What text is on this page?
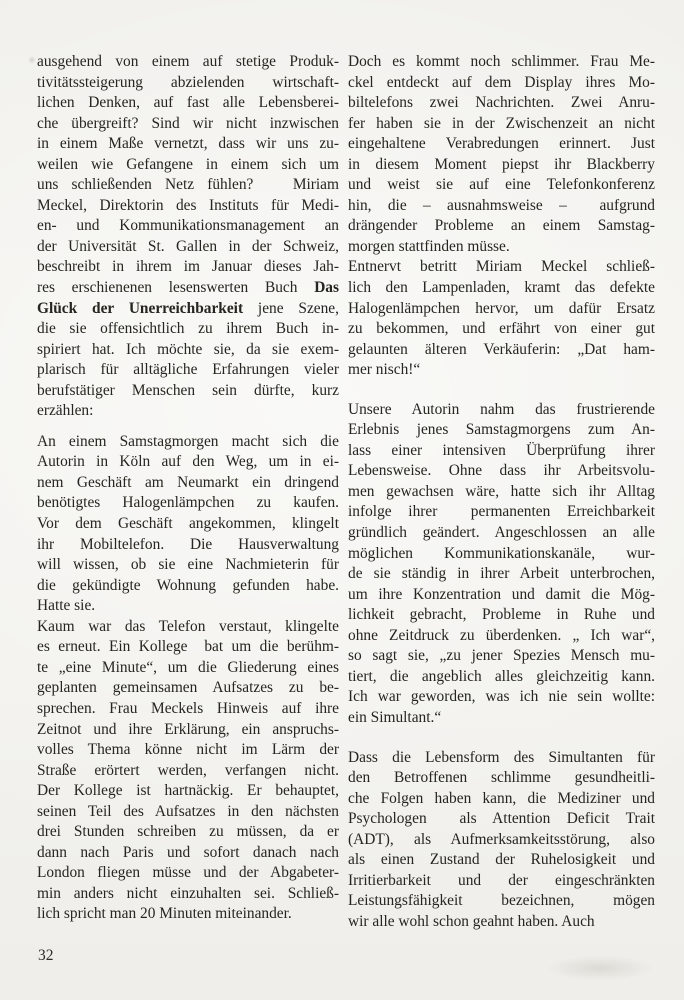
ausgehend von einem auf stetige Produk-
tivitätssteigerung abzielenden wirtschaft-
lichen Denken, auf fast alle Lebensberei-
che übergreift? Sind wir nicht inzwischen
in einem Maße vernetzt, dass wir uns zu-
weilen wie Gefangene in einem sich um
uns schließenden Netz fühlen?   Miriam
Meckel, Direktorin des Instituts für Medi-
en- und Kommunikationsmanagement an
der Universität St. Gallen in der Schweiz,
beschreibt in ihrem im Januar dieses Jah-
res erschienenen lesenswerten Buch Das
Glück der Unerreichbarkeit jene Szene,
die sie offensichtlich zu ihrem Buch in-
spiriert hat. Ich möchte sie, da sie exem-
plarisch für alltägliche Erfahrungen vieler
berufstätiger Menschen sein dürfte, kurz
erzählen:
An einem Samstagmorgen macht sich die
Autorin in Köln auf den Weg, um in ei-
nem Geschäft am Neumarkt ein dringend
benötigtes Halogenlämpchen zu kaufen.
Vor dem Geschäft angekommen, klingelt
ihr Mobiltelefon. Die Hausverwaltung
will wissen, ob sie eine Nachmieterin für
die gekündigte Wohnung gefunden habe.
Hatte sie.
Kaum war das Telefon verstaut, klingelte
es erneut. Ein Kollege  bat um die berühm-
te „eine Minute“, um die Gliederung eines
geplanten gemeinsamen Aufsatzes zu be-
sprechen. Frau Meckels Hinweis auf ihre
Zeitnot und ihre Erklärung, ein anspruchs-
volles Thema könne nicht im Lärm der
Straße erörtert werden, verfangen nicht.
Der Kollege ist hartnäckig. Er behauptet,
seinen Teil des Aufsatzes in den nächsten
drei Stunden schreiben zu müssen, da er
dann nach Paris und sofort danach nach
London fliegen müsse und der Abgabeter-
min anders nicht einzuhalten sei. Schließ-
lich spricht man 20 Minuten miteinander.
Doch es kommt noch schlimmer. Frau Me-
ckel entdeckt auf dem Display ihres Mo-
biltelefons zwei Nachrichten. Zwei Anru-
fer haben sie in der Zwischenzeit an nicht
eingehaltene Verabredungen erinnert. Just
in diesem Moment piepst ihr Blackberry
und weist sie auf eine Telefonkonferenz
hin, die – ausnahmsweise –  aufgrund
drängender Probleme an einem Samstag-
morgen stattfinden müsse.
Entnervt betritt Miriam Meckel schließ-
lich den Lampenladen, kramt das defekte
Halogenlämpchen hervor, um dafür Ersatz
zu bekommen, und erfährt von einer gut
gelaunten älteren Verkäuferin: „Dat ham-
mer nisch!“
Unsere Autorin nahm das frustrierende
Erlebnis jenes Samstagmorgens zum An-
lass einer intensiven Überprüfung ihrer
Lebensweise. Ohne dass ihr Arbeitsvolu-
men gewachsen wäre, hatte sich ihr Alltag
infolge ihrer  permanenten Erreichbarkeit
gründlich geändert. Angeschlossen an alle
möglichen Kommunikationskanäle, wur-
de sie ständig in ihrer Arbeit unterbrochen,
um ihre Konzentration und damit die Mög-
lichkeit gebracht, Probleme in Ruhe und
ohne Zeitdruck zu überdenken. „ Ich war“,
so sagt sie, „zu jener Spezies Mensch mu-
tiert, die angeblich alles gleichzeitig kann.
Ich war geworden, was ich nie sein wollte:
ein Simultant.“
Dass die Lebensform des Simultanten für
den Betroffenen schlimme gesundheitli-
che Folgen haben kann, die Mediziner und
Psychologen  als Attention Deficit Trait
(ADT), als Aufmerksamkeitsstörung, also
als einen Zustand der Ruhelosigkeit und
Irritierbarkeit und der eingeschränkten
Leistungsfähigkeit bezeichnen, mögen
wir alle wohl schon geahnt haben. Auch
32
